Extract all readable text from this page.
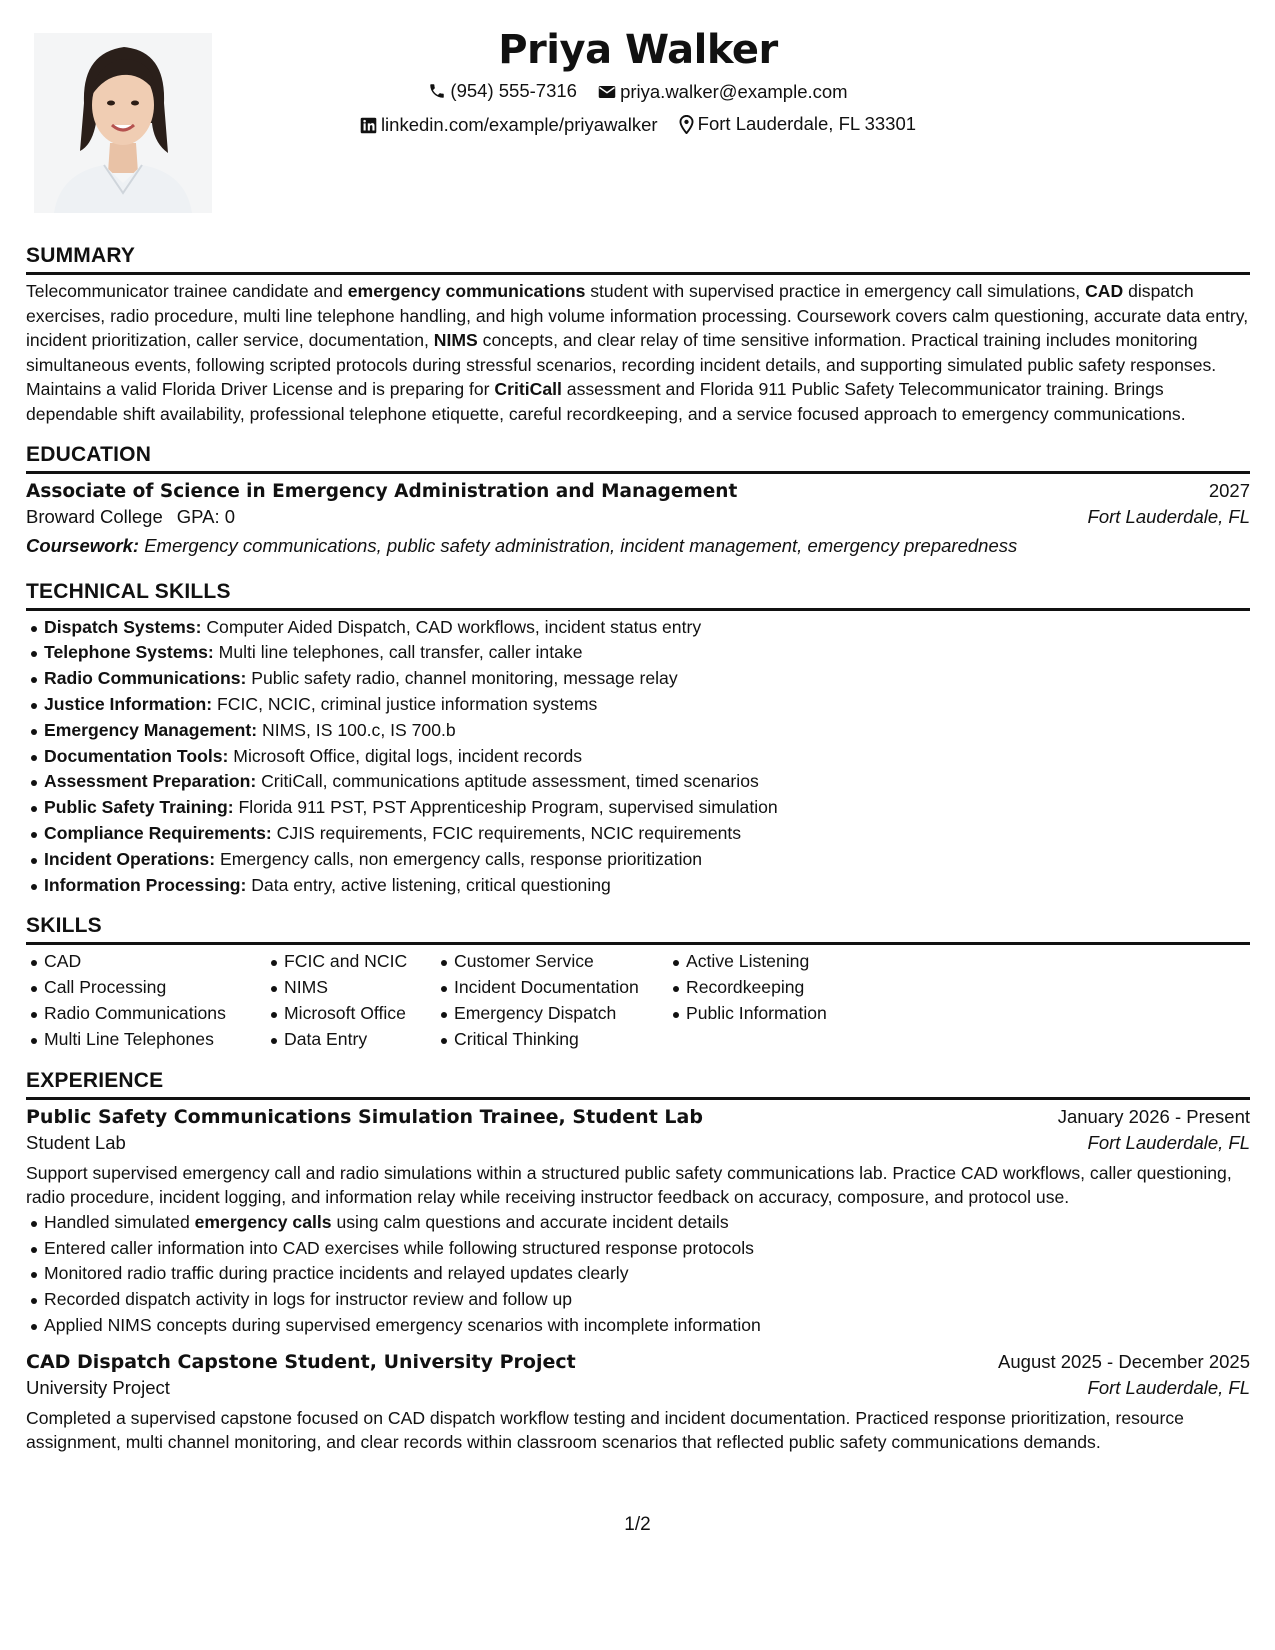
Priya Walker
(954) 555-7316
priya.walker@example.com
linkedin.com/example/priyawalker
Fort Lauderdale, FL 33301
SUMMARY

Telecommunicator trainee candidate and emergency communications student with supervised practice in emergency call simulations, CAD dispatch exercises, radio procedure, multi line telephone handling, and high volume information processing. Coursework covers calm questioning, accurate data entry, incident prioritization, caller service, documentation, NIMS concepts, and clear relay of time sensitive information. Practical training includes monitoring simultaneous events, following scripted protocols during stressful scenarios, recording incident details, and supporting simulated public safety responses. Maintains a valid Florida Driver License and is preparing for CritiCall assessment and Florida 911 Public Safety Telecommunicator training. Brings dependable shift availability, professional telephone etiquette, careful recordkeeping, and a service focused approach to emergency communications.

EDUCATION
Associate of Science in Emergency Administration and Management	2027
Broward College GPA: 0	Fort Lauderdale, FL
Coursework: Emergency communications, public safety administration, incident management, emergency preparedness
TECHNICAL SKILLS
Dispatch Systems: Computer Aided Dispatch, CAD workflows, incident status entry
Telephone Systems: Multi line telephones, call transfer, caller intake
Radio Communications: Public safety radio, channel monitoring, message relay
Justice Information: FCIC, NCIC, criminal justice information systems
Emergency Management: NIMS, IS 100.c, IS 700.b
Documentation Tools: Microsoft Office, digital logs, incident records
Assessment Preparation: CritiCall, communications aptitude assessment, timed scenarios
Public Safety Training: Florida 911 PST, PST Apprenticeship Program, supervised simulation
Compliance Requirements: CJIS requirements, FCIC requirements, NCIC requirements
Incident Operations: Emergency calls, non emergency calls, response prioritization
Information Processing: Data entry, active listening, critical questioning
SKILLS
CAD
Call Processing
Radio Communications
Multi Line Telephones
FCIC and NCIC
NIMS
Microsoft Office
Data Entry
Customer Service
Incident Documentation
Emergency Dispatch
Critical Thinking
Active Listening
Recordkeeping
Public Information
EXPERIENCE
Public Safety Communications Simulation Trainee, Student Lab	January 2026 - Present
Student Lab	Fort Lauderdale, FL

Support supervised emergency call and radio simulations within a structured public safety communications lab. Practice CAD workflows, caller questioning, radio procedure, incident logging, and information relay while receiving instructor feedback on accuracy, composure, and protocol use.

Handled simulated emergency calls using calm questions and accurate incident details
Entered caller information into CAD exercises while following structured response protocols
Monitored radio traffic during practice incidents and relayed updates clearly
Recorded dispatch activity in logs for instructor review and follow up
Applied NIMS concepts during supervised emergency scenarios with incomplete information
CAD Dispatch Capstone Student, University Project	August 2025 - December 2025
University Project	Fort Lauderdale, FL

Completed a supervised capstone focused on CAD dispatch workflow testing and incident documentation. Practiced response prioritization, resource assignment, multi channel monitoring, and clear records within classroom scenarios that reflected public safety communications demands.

1/2
